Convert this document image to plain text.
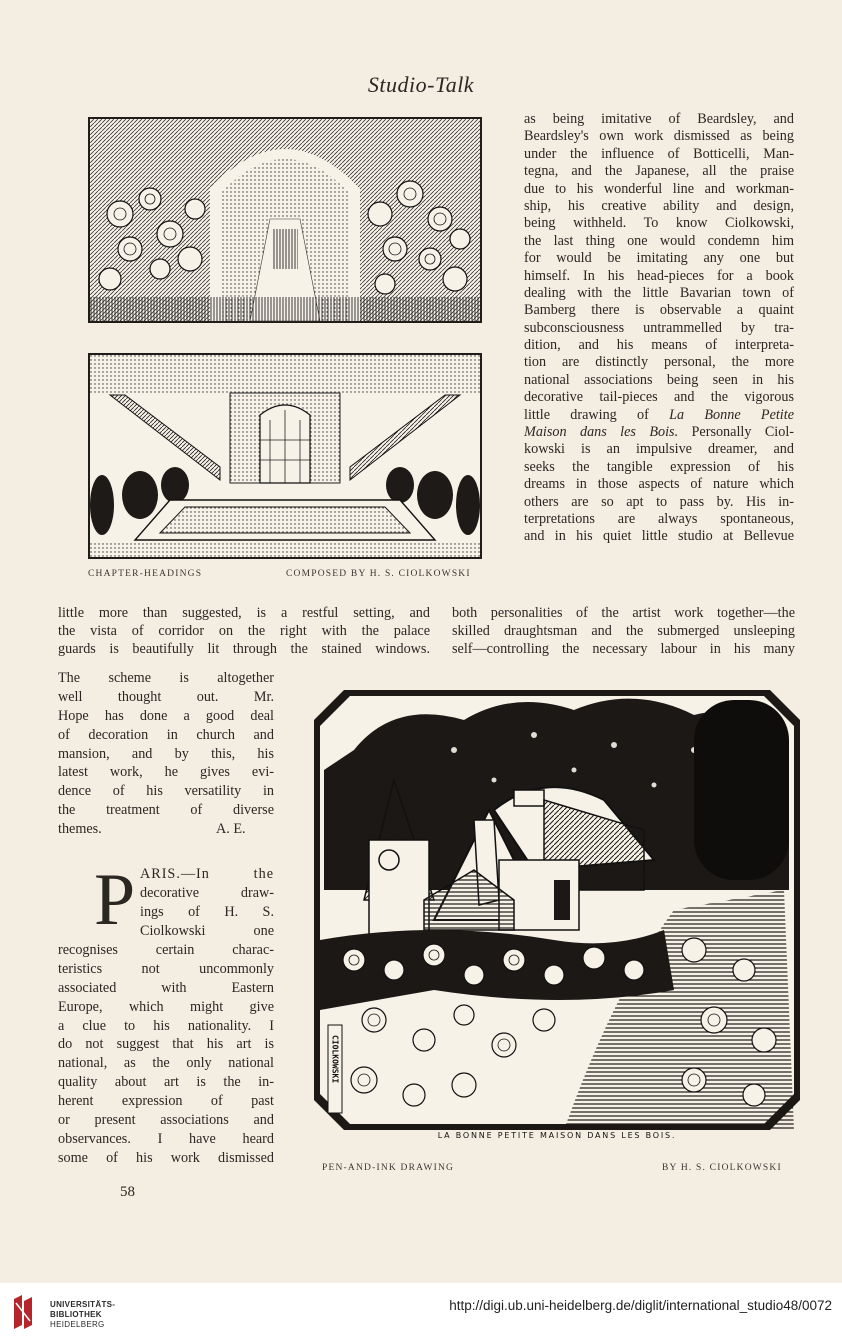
Studio-Talk
CHAPTER-HEADINGS	COMPOSED BY H. S. CIOLKOWSKI
as being imitative of Beardsley, and
Beardsley's own work dismissed as being
under the influence of Botticelli, Man-
tegna, and the Japanese, all the praise
due to his wonderful line and workman-
ship, his creative ability and design,
being withheld. To know Ciolkowski,
the last thing one would condemn him
for would be imitating any one but
himself. In his head-pieces for a book
dealing with the little Bavarian town of
Bamberg there is observable a quaint
subconsciousness untrammelled by tra-
dition, and his means of interpreta-
tion are distinctly personal, the more
national associations being seen in his
decorative tail-pieces and the vigorous
little drawing of La Bonne Petite
Maison dans les Bois. Personally Ciol-
kowski is an impulsive dreamer, and
seeks the tangible expression of his
dreams in those aspects of nature which
others are so apt to pass by. His in-
terpretations are always spontaneous,
and in his quiet little studio at Bellevue
little more than suggested, is a restful setting, and
the vista of corridor on the right with the palace
guards is beautifully lit through the stained windows.
both personalities of the artist work together—the
skilled draughtsman and the submerged unsleeping
self—controlling the necessary labour in his many
The scheme is altogether
well thought out. Mr.
Hope has done a good deal
of decoration in church and
mansion, and by this, his
latest work, he gives evi-
dence of his versatility in
the treatment of diverse
themes.	A. E.
P ARIS.—In the
decorative draw-
ings of H. S.
Ciolkowski one
recognises certain charac-
teristics not uncommonly
associated with Eastern
Europe, which might give
a clue to his nationality. I
do not suggest that his art is
national, as the only national
quality about art is the in-
herent expression of past
or present associations and
observances. I have heard
some of his work dismissed
CIOLKOWSKI
LA BONNE PETITE MAISON DANS LES BOIS.
PEN-AND-INK DRAWING	BY H. S. CIOLKOWSKI
58
UNIVERSITÄTS-
BIBLIOTHEK
HEIDELBERG
http://digi.ub.uni-heidelberg.de/diglit/international_studio48/0072
